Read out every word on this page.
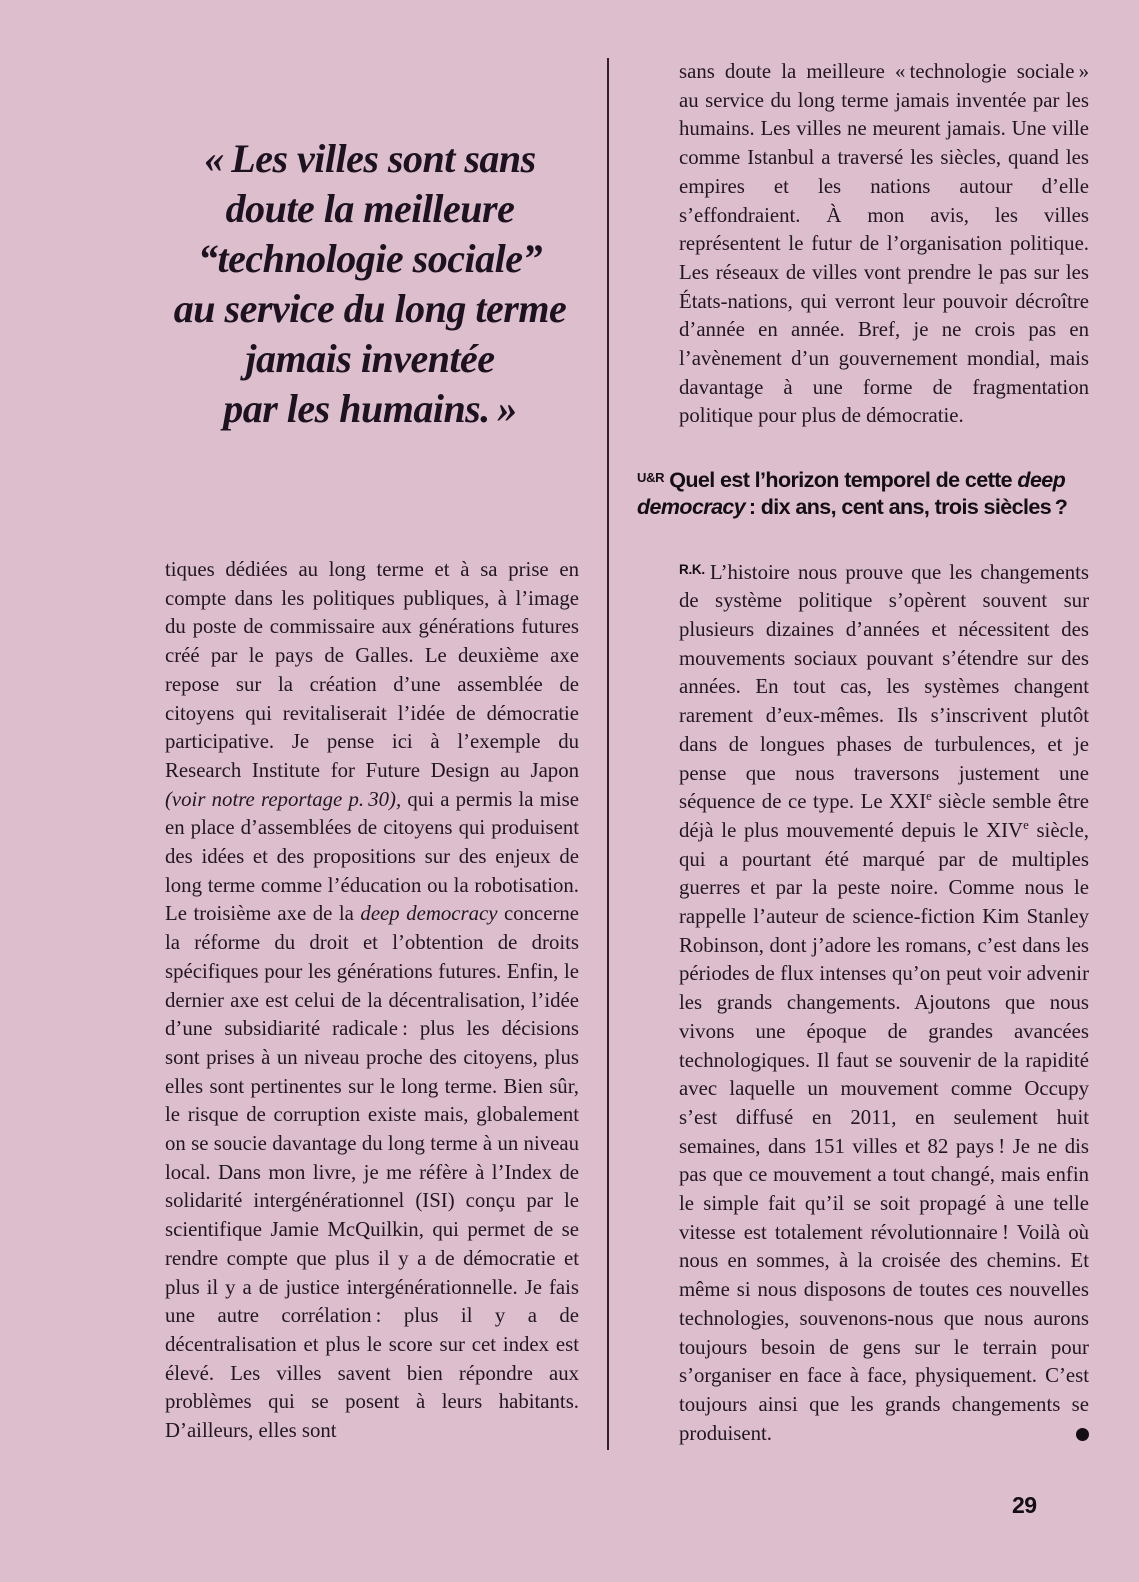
« Les villes sont sans
doute la meilleure
“technologie sociale”
au service du long terme
jamais inventée
par les humains. »

tiques dédiées au long terme et à sa prise en compte dans les politiques publiques, à l’image du poste de commissaire aux générations futures créé par le pays de Galles. Le deuxième axe repose sur la création d’une assemblée de citoyens qui revitaliserait l’idée de démocratie participative. Je pense ici à l’exemple du Research Institute for Future Design au Japon (voir notre reportage p. 30), qui a permis la mise en place d’assemblées de citoyens qui produisent des idées et des propositions sur des enjeux de long terme comme l’éducation ou la robotisation. Le troisième axe de la deep democracy concerne la réforme du droit et l’obtention de droits spécifiques pour les générations futures. Enfin, le dernier axe est celui de la décentralisation, l’idée d’une subsidiarité radicale : plus les décisions sont prises à un niveau proche des citoyens, plus elles sont pertinentes sur le long terme. Bien sûr, le risque de corruption existe mais, globalement on se soucie davantage du long terme à un niveau local. Dans mon livre, je me réfère à l’Index de solidarité intergénérationnel (ISI) conçu par le scientifique Jamie McQuilkin, qui permet de se rendre compte que plus il y a de démocratie et plus il y a de justice intergénérationnelle. Je fais une autre corrélation : plus il y a de décentralisation et plus le score sur cet index est élevé. Les villes savent bien répondre aux problèmes qui se posent à leurs habitants. D’ailleurs, elles sont

sans doute la meilleure « technologie sociale » au service du long terme jamais inventée par les humains. Les villes ne meurent jamais. Une ville comme Istanbul a traversé les siècles, quand les empires et les nations autour d’elle s’effondraient. À mon avis, les villes représentent le futur de l’organisation politique. Les réseaux de villes vont prendre le pas sur les États-nations, qui verront leur pouvoir décroître d’année en année. Bref, je ne crois pas en l’avènement d’un gouvernement mondial, mais davantage à une forme de fragmentation politique pour plus de démocratie.

$^{U\&R}$ Quel est l’horizon temporel de cette deep democracy : dix ans, cent ans, trois siècles ?

$^{R.K.}$ L’histoire nous prouve que les changements de système politique s’opèrent souvent sur plusieurs dizaines d’années et nécessitent des mouvements sociaux pouvant s’étendre sur des années. En tout cas, les systèmes changent rarement d’eux-mêmes. Ils s’inscrivent plutôt dans de longues phases de turbulences, et je pense que nous traversons justement une séquence de ce type. Le XXIe siècle semble être déjà le plus mouvementé depuis le XIVe siècle, qui a pourtant été marqué par de multiples guerres et par la peste noire. Comme nous le rappelle l’auteur de science-fiction Kim Stanley Robinson, dont j’adore les romans, c’est dans les périodes de flux intenses qu’on peut voir advenir les grands changements. Ajoutons que nous vivons une époque de grandes avancées technologiques. Il faut se souvenir de la rapidité avec laquelle un mouvement comme Occupy s’est diffusé en 2011, en seulement huit semaines, dans 151 villes et 82 pays ! Je ne dis pas que ce mouvement a tout changé, mais enfin le simple fait qu’il se soit propagé à une telle vitesse est totalement révolutionnaire ! Voilà où nous en sommes, à la croisée des chemins. Et même si nous disposons de toutes ces nouvelles technologies, souvenons-nous que nous aurons toujours besoin de gens sur le terrain pour s’organiser en face à face, physiquement. C’est toujours ainsi que les grands changements se produisent.

29
